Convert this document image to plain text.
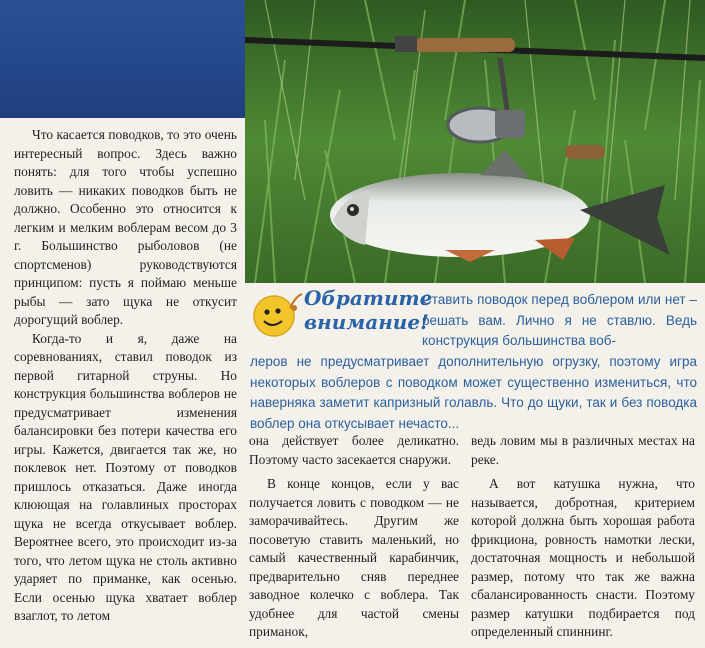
Что касается поводков, то это очень интересный вопрос. Здесь важно понять: для того чтобы успешно ловить — никаких поводков быть не должно. Особенно это относится к легким и мелким воблерам весом до 3 г. Большинство рыболовов (не спортсменов) руководствуются принципом: пусть я поймаю меньше рыбы — зато щука не откусит дорогущий воблер.

Когда-то и я, даже на соревнованиях, ставил поводок из первой гитарной струны. Но конструкция большинства воблеров не предусматривает изменения балансировки без потери качества его игры. Кажется, двигается так же, но поклевок нет. Поэтому от поводков пришлось отказаться. Даже иногда клюющая на голавлиных просторах щука не всегда откусывает воблер. Вероятнее всего, это происходит из-за того, что летом щука не столь активно ударяет по приманке, как осенью. Если осенью щука хватает воблер взаглот, то летом

Обратите внимание!

Ставить поводок перед воблером или нет – решать вам. Лично я не ставлю. Ведь конструкция большинства воб-

леров не предусматривает дополнительную огрузку, поэтому игра некоторых воблеров с поводком может существенно измениться, что наверняка заметит капризный голавль. Что до щуки, так и без поводка воблер она откусывает нечасто...

она действует более деликатно. Поэтому часто засекается снаружи.

В конце концов, если у вас получается ловить с поводком — не заморачивайтесь. Другим же посоветую ставить маленький, но самый качественный карабинчик, предварительно сняв переднее заводное колечко с воблера. Так удобнее для частой смены приманок,

ведь ловим мы в различных местах на реке.

А вот катушка нужна, что называется, добротная, критерием которой должна быть хорошая работа фрикциона, ровность намотки лески, достаточная мощность и небольшой размер, потому что так же важна сбалансированность снасти. Поэтому размер катушки подбирается под определенный спиннинг.
